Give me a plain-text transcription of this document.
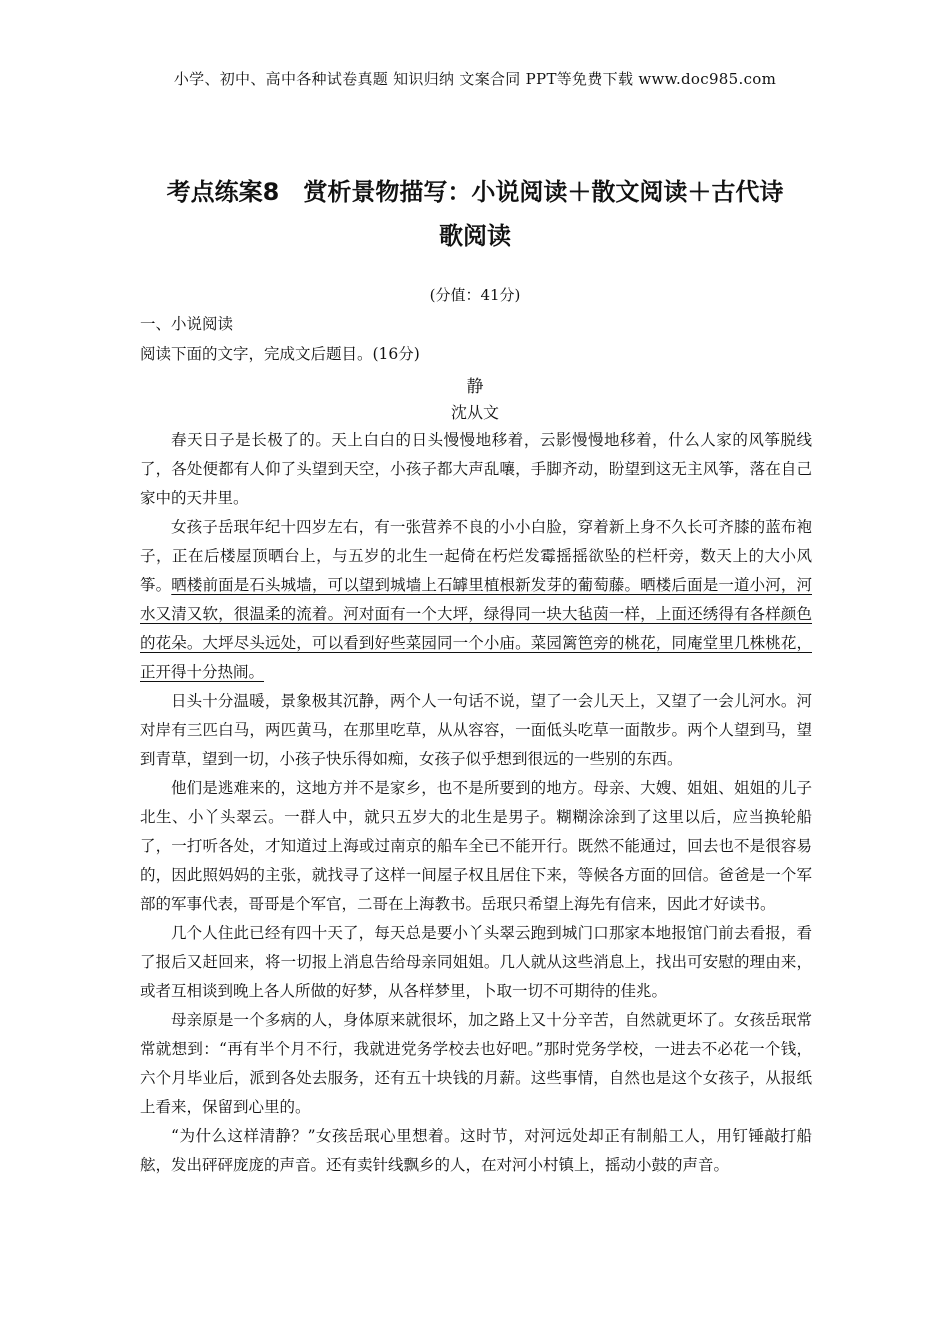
小学、初中、高中各种试卷真题 知识归纳 文案合同 PPT等免费下载 www.doc985.com
考点练案8　赏析景物描写：小说阅读＋散文阅读＋古代诗
歌阅读
(分值：41分)
一、小说阅读
阅读下面的文字，完成文后题目。(16分)
静
沈从文

春天日子是长极了的。天上白白的日头慢慢地移着，云影慢慢地移着，什么人家的风筝脱线了，各处便都有人仰了头望到天空，小孩子都大声乱嚷，手脚齐动，盼望到这无主风筝，落在自己家中的天井里。

女孩子岳珉年纪十四岁左右，有一张营养不良的小小白脸，穿着新上身不久长可齐膝的蓝布袍子，正在后楼屋顶晒台上，与五岁的北生一起倚在朽烂发霉摇摇欲坠的栏杆旁，数天上的大小风筝。晒楼前面是石头城墙，可以望到城墙上石罅里植根新发芽的葡萄藤。晒楼后面是一道小河，河水又清又软，很温柔的流着。河对面有一个大坪，绿得同一块大毡茵一样，上面还绣得有各样颜色的花朵。大坪尽头远处，可以看到好些菜园同一个小庙。菜园篱笆旁的桃花，同庵堂里几株桃花，正开得十分热闹。

日头十分温暖，景象极其沉静，两个人一句话不说，望了一会儿天上，又望了一会儿河水。河对岸有三匹白马，两匹黄马，在那里吃草，从从容容，一面低头吃草一面散步。两个人望到马，望到青草，望到一切，小孩子快乐得如痴，女孩子似乎想到很远的一些别的东西。

他们是逃难来的，这地方并不是家乡，也不是所要到的地方。母亲、大嫂、姐姐、姐姐的儿子北生、小丫头翠云。一群人中，就只五岁大的北生是男子。糊糊涂涂到了这里以后，应当换轮船了，一打听各处，才知道过上海或过南京的船车全已不能开行。既然不能通过，回去也不是很容易的，因此照妈妈的主张，就找寻了这样一间屋子权且居住下来，等候各方面的回信。爸爸是一个军部的军事代表，哥哥是个军官，二哥在上海教书。岳珉只希望上海先有信来，因此才好读书。

几个人住此已经有四十天了，每天总是要小丫头翠云跑到城门口那家本地报馆门前去看报，看了报后又赶回来，将一切报上消息告给母亲同姐姐。几人就从这些消息上，找出可安慰的理由来，或者互相谈到晚上各人所做的好梦，从各样梦里，卜取一切不可期待的佳兆。

母亲原是一个多病的人，身体原来就很坏，加之路上又十分辛苦，自然就更坏了。女孩岳珉常常就想到：“再有半个月不行，我就进党务学校去也好吧。”那时党务学校，一进去不必花一个钱，六个月毕业后，派到各处去服务，还有五十块钱的月薪。这些事情，自然也是这个女孩子，从报纸上看来，保留到心里的。

“为什么这样清静？”女孩岳珉心里想着。这时节，对河远处却正有制船工人，用钉锤敲打船舷，发出砰砰庞庞的声音。还有卖针线飘乡的人，在对河小村镇上，摇动小鼓的声音。
